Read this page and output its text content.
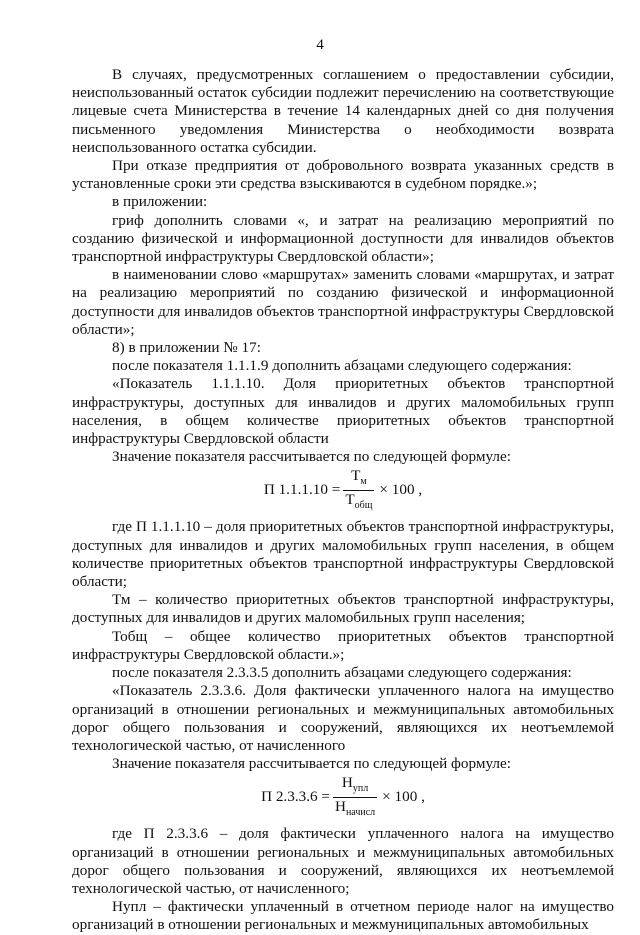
4

В случаях, предусмотренных соглашением о предоставлении субсидии, неиспользованный остаток субсидии подлежит перечислению на соответствующие лицевые счета Министерства в течение 14 календарных дней со дня получения письменного уведомления Министерства о необходимости возврата неиспользованного остатка субсидии.

При отказе предприятия от добровольного возврата указанных средств в установленные сроки эти средства взыскиваются в судебном порядке.»;

в приложении:

гриф дополнить словами «, и затрат на реализацию мероприятий по созданию физической и информационной доступности для инвалидов объектов транспортной инфраструктуры Свердловской области»;

в наименовании слово «маршрутах» заменить словами «маршрутах, и затрат на реализацию мероприятий по созданию физической и информационной доступности для инвалидов объектов транспортной инфраструктуры Свердловской области»;

8) в приложении № 17:

после показателя 1.1.1.9 дополнить абзацами следующего содержания:

«Показатель 1.1.1.10. Доля приоритетных объектов транспортной инфраструктуры, доступных для инвалидов и других маломобильных групп населения, в общем количестве приоритетных объектов транспортной инфраструктуры Свердловской области

Значение показателя рассчитывается по следующей формуле:

П $1.1.1.10 = \frac{Т_м}{Т_{общ}} \times 100$ ,

где П 1.1.1.10 – доля приоритетных объектов транспортной инфраструктуры, доступных для инвалидов и других маломобильных групп населения, в общем количестве приоритетных объектов транспортной инфраструктуры Свердловской области;

Тм – количество приоритетных объектов транспортной инфраструктуры, доступных для инвалидов и других маломобильных групп населения;

Тобщ – общее количество приоритетных объектов транспортной инфраструктуры Свердловской области.»;

после показателя 2.3.3.5 дополнить абзацами следующего содержания:

«Показатель 2.3.3.6. Доля фактически уплаченного налога на имущество организаций в отношении региональных и межмуниципальных автомобильных дорог общего пользования и сооружений, являющихся их неотъемлемой технологической частью, от начисленного

Значение показателя рассчитывается по следующей формуле:

П $2.3.3.6 = \frac{Н_{упл}}{Н_{начисл}} \times 100$ ,

где П 2.3.3.6 – доля фактически уплаченного налога на имущество организаций в отношении региональных и межмуниципальных автомобильных дорог общего пользования и сооружений, являющихся их неотъемлемой технологической частью, от начисленного;

Нупл – фактически уплаченный в отчетном периоде налог на имущество организаций в отношении региональных и межмуниципальных автомобильных
